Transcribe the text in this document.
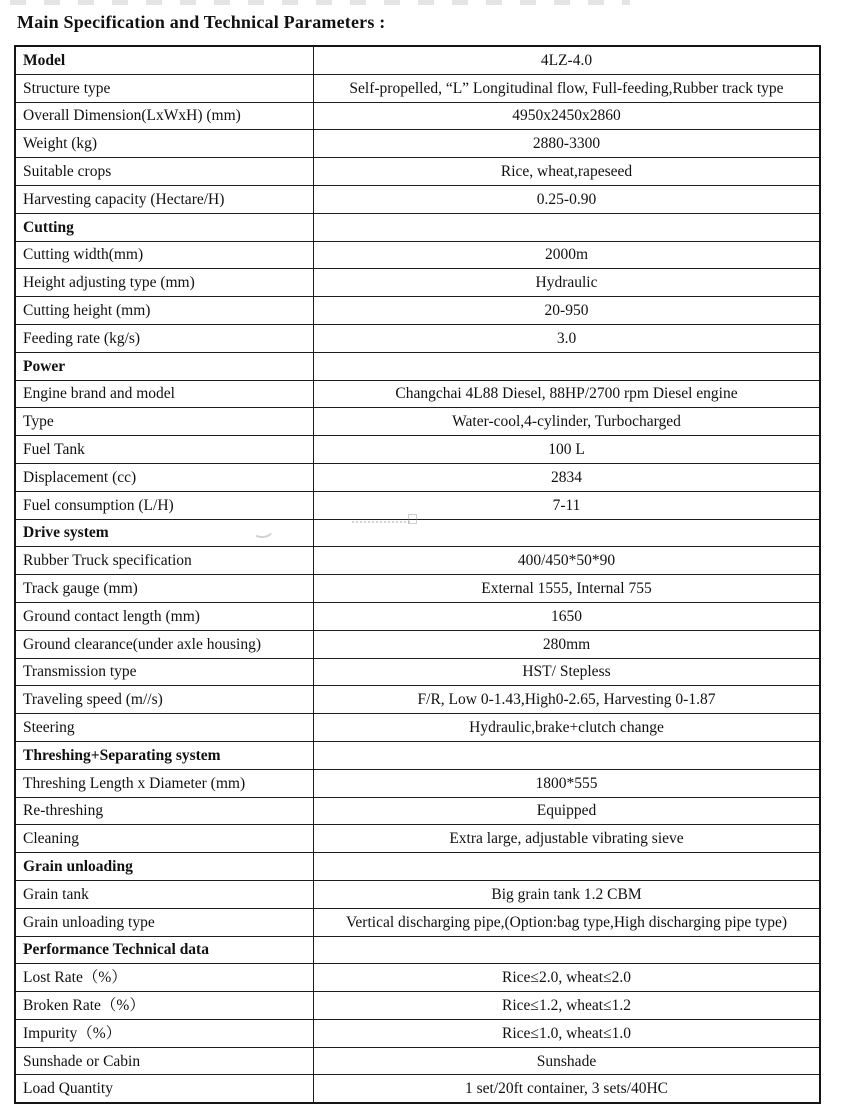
Main Specification and Technical Parameters :
Model	4LZ-4.0
Structure type	Self-propelled, “L” Longitudinal flow, Full-feeding,Rubber track type
Overall Dimension(LxWxH) (mm)	4950x2450x2860
Weight (kg)	2880-3300
Suitable crops	Rice, wheat,rapeseed
Harvesting capacity (Hectare/H)	0.25-0.90
Cutting	
Cutting width(mm)	2000m
Height adjusting type (mm)	Hydraulic
Cutting height (mm)	20-950
Feeding rate (kg/s)	3.0
Power	
Engine brand and model	Changchai 4L88 Diesel, 88HP/2700 rpm Diesel engine
Type	Water-cool,4-cylinder, Turbocharged
Fuel Tank	100 L
Displacement (cc)	2834
Fuel consumption (L/H)	7-11
Drive system	
Rubber Truck specification	400/450*50*90
Track gauge (mm)	External 1555, Internal 755
Ground contact length (mm)	1650
Ground clearance(under axle housing)	280mm
Transmission type	HST/ Stepless
Traveling speed (m//s)	F/R, Low 0-1.43,High0-2.65, Harvesting 0-1.87
Steering	Hydraulic,brake+clutch change
Threshing+Separating system	
Threshing Length x Diameter (mm)	1800*555
Re-threshing	Equipped
Cleaning	Extra large, adjustable vibrating sieve
Grain unloading	
Grain tank	Big grain tank 1.2 CBM
Grain unloading type	Vertical discharging pipe,(Option:bag type,High discharging pipe type)
Performance Technical data	
Lost Rate（%）	Rice≤2.0, wheat≤2.0
Broken Rate（%）	Rice≤1.2, wheat≤1.2
Impurity（%）	Rice≤1.0, wheat≤1.0
Sunshade or Cabin	Sunshade
Load Quantity	1 set/20ft container, 3 sets/40HC
